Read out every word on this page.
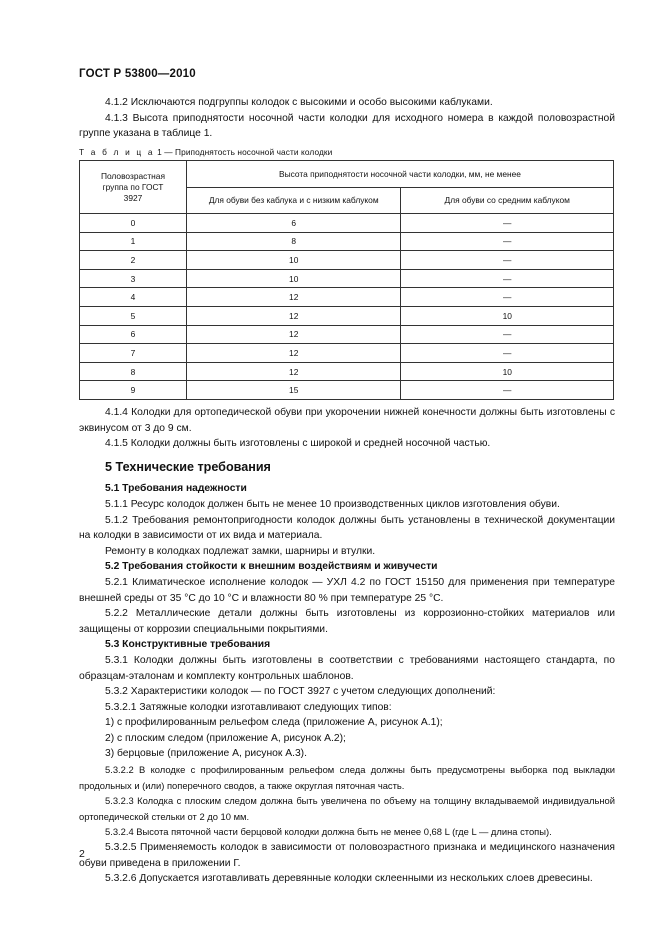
ГОСТ Р 53800—2010

4.1.2 Исключаются подгруппы колодок с высокими и особо высокими каблуками.

4.1.3 Высота приподнятости носочной части колодки для исходного номера в каждой половозрастной группе указана в таблице 1.

Т а б л и ц а 1 — Приподнятость носочной части колодки
Половозрастная группа по ГОСТ 3927	Высота приподнятости носочной части колодки, мм, не менее	
	Для обуви без каблука и с низким каблуком	Для обуви со средним каблуком
0	6	—
1	8	—
2	10	—
3	10	—
4	12	—
5	12	10
6	12	—
7	12	—
8	12	10
9	15	—

4.1.4 Колодки для ортопедической обуви при укорочении нижней конечности должны быть изготовлены с эквинусом от 3 до 9 см.

4.1.5 Колодки должны быть изготовлены с широкой и средней носочной частью.

5 Технические требования

5.1 Требования надежности

5.1.1 Ресурс колодок должен быть не менее 10 производственных циклов изготовления обуви.

5.1.2 Требования ремонтопригодности колодок должны быть установлены в технической документации на колодки в зависимости от их вида и материала.

Ремонту в колодках подлежат замки, шарниры и втулки.

5.2 Требования стойкости к внешним воздействиям и живучести

5.2.1 Климатическое исполнение колодок — УХЛ 4.2 по ГОСТ 15150 для применения при температуре внешней среды от 35 °С до 10 °С и влажности 80 % при температуре 25 °С.

5.2.2 Металлические детали должны быть изготовлены из коррозионно-стойких материалов или защищены от коррозии специальными покрытиями.

5.3 Конструктивные требования

5.3.1 Колодки должны быть изготовлены в соответствии с требованиями настоящего стандарта, по образцам-эталонам и комплекту контрольных шаблонов.

5.3.2 Характеристики колодок — по ГОСТ 3927 с учетом следующих дополнений:

5.3.2.1 Затяжные колодки изготавливают следующих типов:

1) с профилированным рельефом следа (приложение А, рисунок А.1);

2) с плоским следом (приложение А, рисунок А.2);

3) берцовые (приложение А, рисунок А.3).

5.3.2.2 В колодке с профилированным рельефом следа должны быть предусмотрены выборка под выкладки продольных и (или) поперечного сводов, а также округлая пяточная часть.

5.3.2.3 Колодка с плоским следом должна быть увеличена по объему на толщину вкладываемой индивидуальной ортопедической стельки от 2 до 10 мм.

5.3.2.4 Высота пяточной части берцовой колодки должна быть не менее 0,68 L (где L — длина стопы).

5.3.2.5 Применяемость колодок в зависимости от половозрастного признака и медицинского назначения обуви приведена в приложении Г.

5.3.2.6 Допускается изготавливать деревянные колодки склеенными из нескольких слоев древесины.

2
